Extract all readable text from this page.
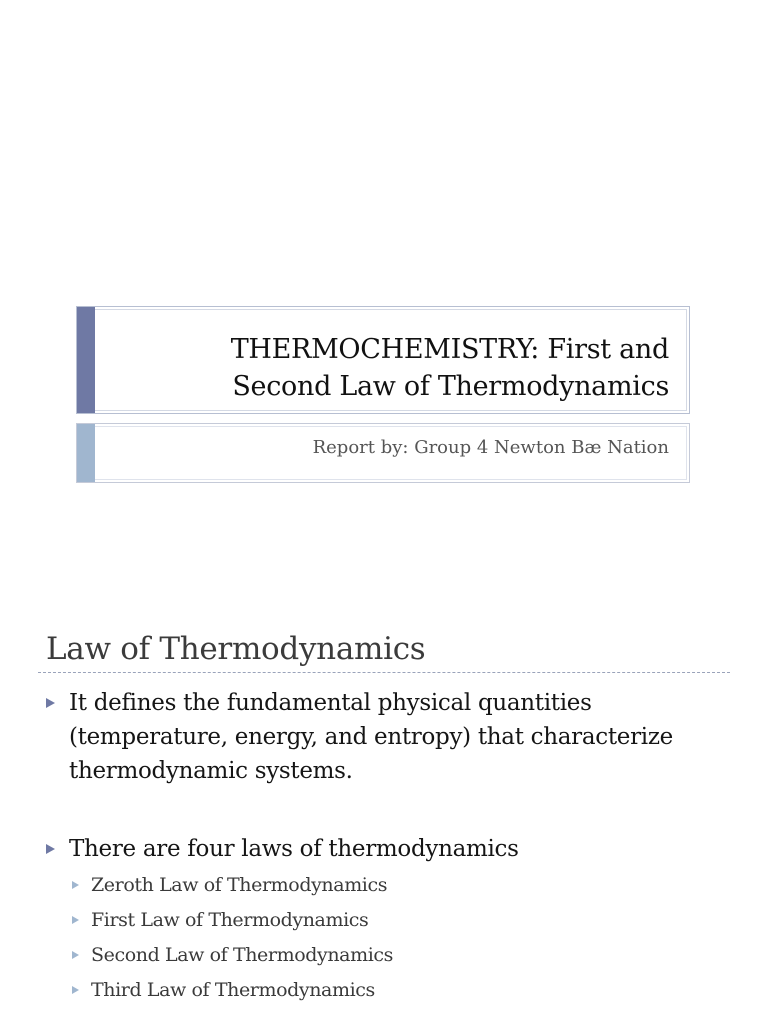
THERMOCHEMISTRY: First and
Second Law of Thermodynamics
Report by: Group 4 Newton Bæ Nation
Law of Thermodynamics
It defines the fundamental physical quantities (temperature, energy, and entropy) that characterize thermodynamic systems.
There are four laws of thermodynamics
Zeroth Law of Thermodynamics
First Law of Thermodynamics
Second Law of Thermodynamics
Third Law of Thermodynamics
